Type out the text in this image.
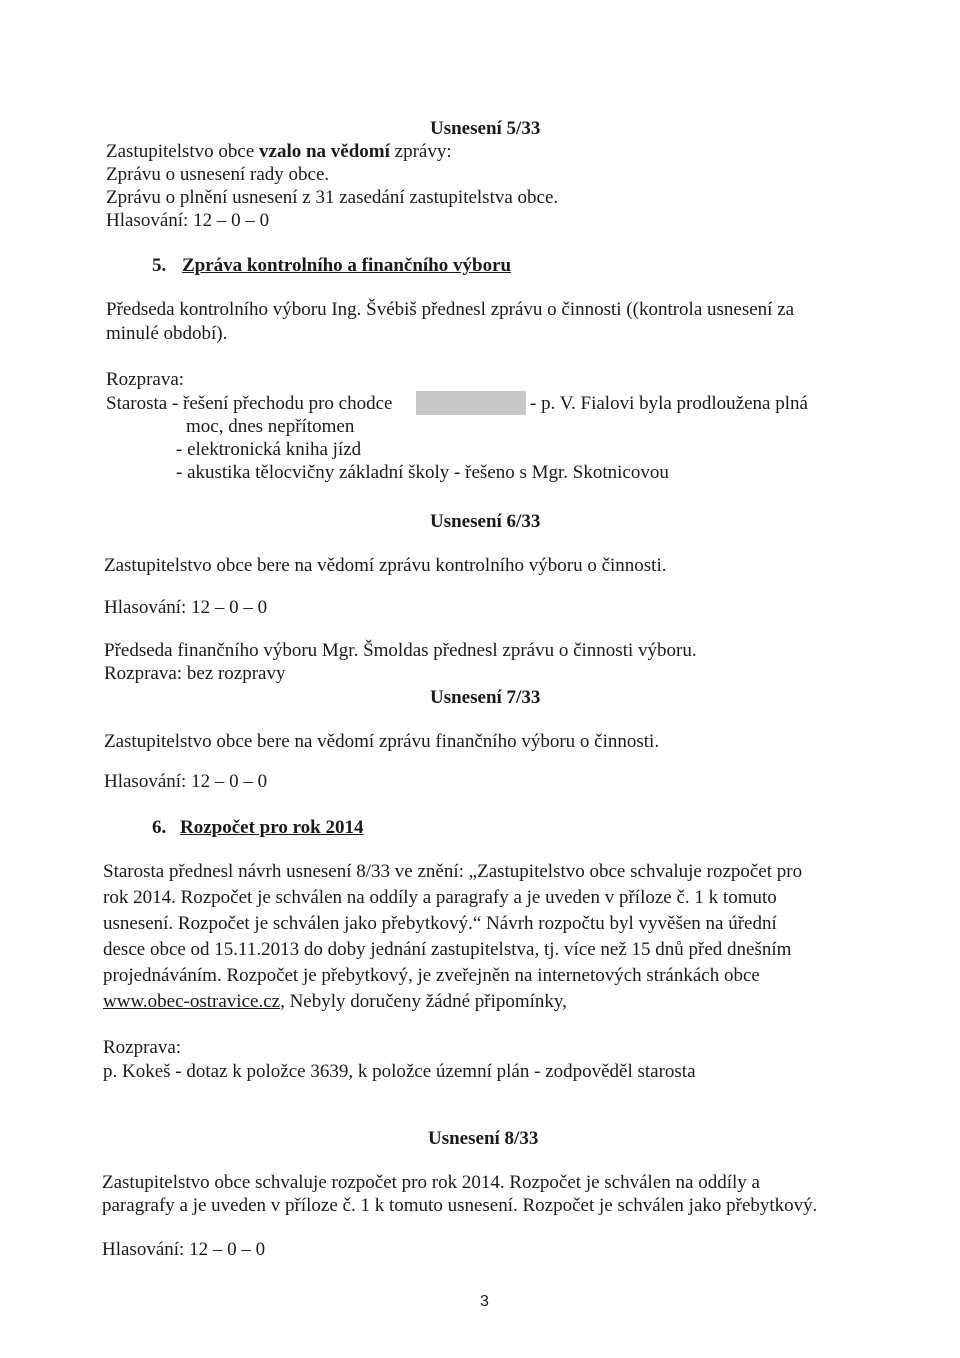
Usnesení 5/33
Zastupitelstvo obce vzalo na vědomí zprávy:
Zprávu o usnesení rady obce.
Zprávu o plnění usnesení z 31 zasedání zastupitelstva obce.
Hlasování: 12 – 0 – 0
5. Zpráva kontrolního a finančního výboru
Předseda kontrolního výboru Ing. Švébiš přednesl zprávu o činnosti ((kontrola usnesení za
minulé období).
Rozprava:
Starosta - řešení přechodu pro chodce	- p. V. Fialovi byla prodloužena plná
moc, dnes nepřítomen
- elektronická kniha jízd
- akustika tělocvičny základní školy - řešeno s Mgr. Skotnicovou
Usnesení 6/33
Zastupitelstvo obce bere na vědomí zprávu kontrolního výboru o činnosti.
Hlasování: 12 – 0 – 0
Předseda finančního výboru Mgr. Šmoldas přednesl zprávu o činnosti výboru.
Rozprava: bez rozpravy
Usnesení 7/33
Zastupitelstvo obce bere na vědomí zprávu finančního výboru o činnosti.
Hlasování: 12 – 0 – 0
6. Rozpočet pro rok 2014
Starosta přednesl návrh usnesení 8/33 ve znění: „Zastupitelstvo obce schvaluje rozpočet pro
rok 2014. Rozpočet je schválen na oddíly a paragrafy a je uveden v příloze č. 1 k tomuto
usnesení. Rozpočet je schválen jako přebytkový.“ Návrh rozpočtu byl vyvěšen na úřední
desce obce od 15.11.2013 do doby jednání zastupitelstva, tj. více než 15 dnů před dnešním
projednáváním. Rozpočet je přebytkový, je zveřejněn na internetových stránkách obce
www.obec-ostravice.cz, Nebyly doručeny žádné připomínky,
Rozprava:
p. Kokeš - dotaz k položce 3639, k položce územní plán - zodpověděl starosta
Usnesení 8/33
Zastupitelstvo obce schvaluje rozpočet pro rok 2014. Rozpočet je schválen na oddíly a
paragrafy a je uveden v příloze č. 1 k tomuto usnesení. Rozpočet je schválen jako přebytkový.
Hlasování: 12 – 0 – 0
3
